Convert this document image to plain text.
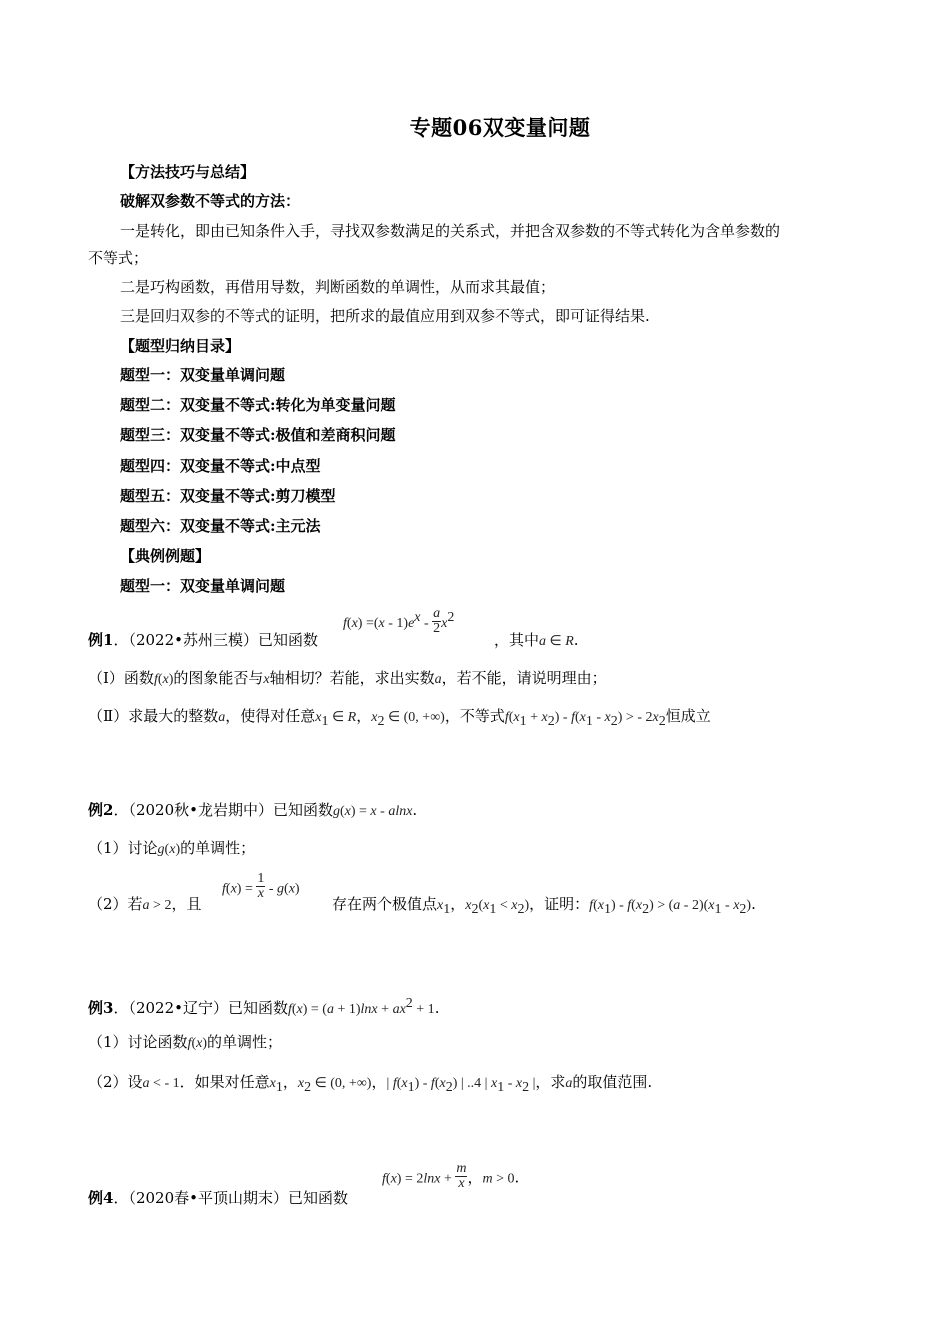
专题06双变量问题
【方法技巧与总结】
破解双参数不等式的方法：
一是转化，即由已知条件入手，寻找双参数满足的关系式，并把含双参数的不等式转化为含单参数的
不等式；
二是巧构函数，再借用导数，判断函数的单调性，从而求其最值；
三是回归双参的不等式的证明，把所求的最值应用到双参不等式，即可证得结果.
【题型归纳目录】
题型一：双变量单调问题
题型二：双变量不等式:转化为单变量问题
题型三：双变量不等式:极值和差商积问题
题型四：双变量不等式:中点型
题型五：双变量不等式:剪刀模型
题型六：双变量不等式:主元法
【典例例题】
题型一：双变量单调问题
例1．（2022•苏州三模）已知函数
$f(x) =(x - 1)e^x - \frac{a}{2} x^2$
，其中a ∈ R.
（Ⅰ）函数f(x)的图象能否与x轴相切？若能，求出实数a，若不能，请说明理由；
（Ⅱ）求最大的整数a，使得对任意$x_1$ ∈ R，$x_2$ ∈ (0, +∞)，不等式$f(x_1 + x_2) - f(x_1 - x_2)$ > - $2x_2$恒成立
例2．（2020秋•龙岩期中）已知函数g(x) = x - alnx.
（1）讨论g(x)的单调性；
（2）若a > 2，且
$f(x) = \frac{1}{x} - g(x)$
存在两个极值点$x_1$，$x_2(x_1 < x_2)$，证明：$f(x_1) - f(x_2) > (a - 2)(x_1 - x_2)$.
例3．（2022•辽宁）已知函数$f(x) = (a + 1)\ln x + ax^2 + 1$.
（1）讨论函数f(x)的单调性；
（2）设a < - 1．如果对任意$x_1$，$x_2$ ∈ (0, +∞)，| $f(x_1) - f(x_2)$ | ..4 | $x_1 - x_2$ |，求a的取值范围.
例4．（2020春•平顶山期末）已知函数
$f(x) = 2\ln x + \frac{m}{x}$ ，m > 0.
